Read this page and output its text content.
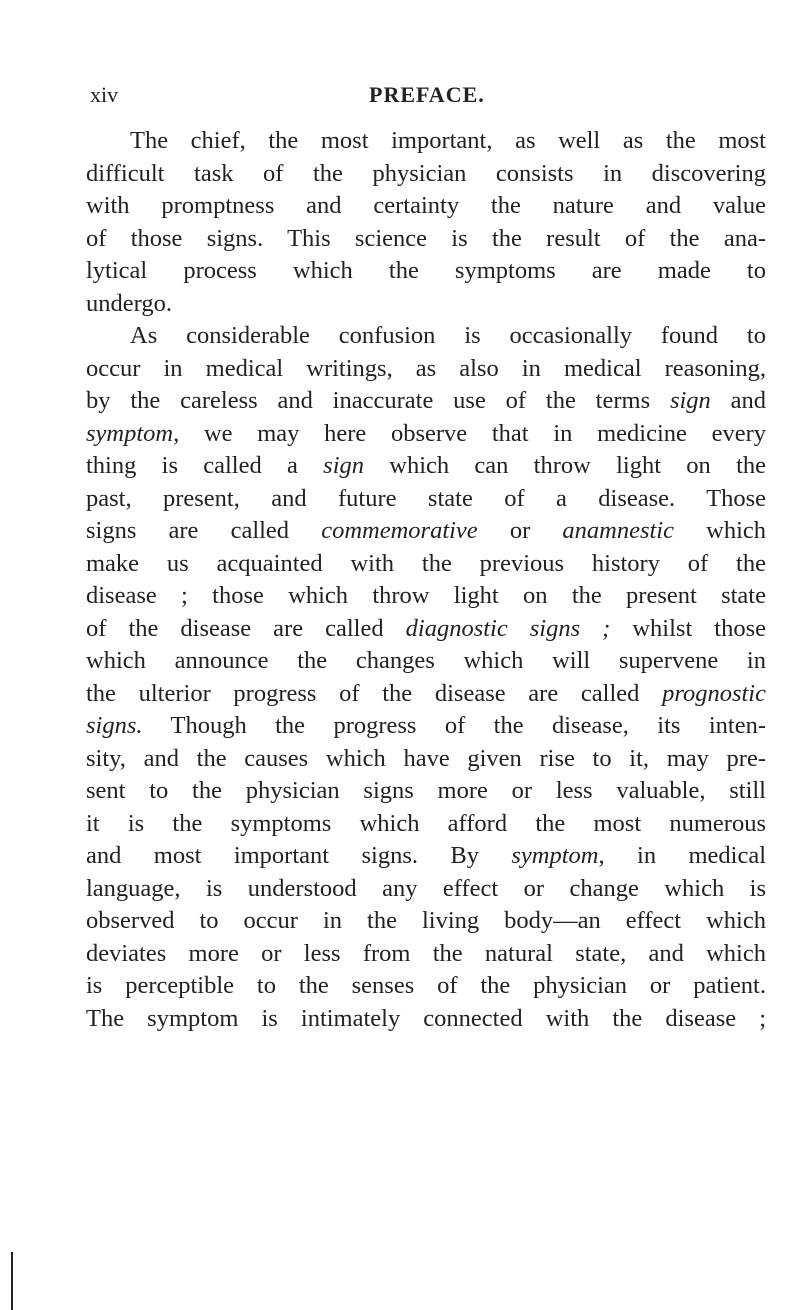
xiv	PREFACE.
The chief, the most important, as well as the most
difficult task of the physician consists in discovering
with promptness and certainty the nature and value
of those signs. This science is the result of the ana-
lytical process which the symptoms are made to
undergo.
As considerable confusion is occasionally found to
occur in medical writings, as also in medical reasoning,
by the careless and inaccurate use of the terms sign and
symptom, we may here observe that in medicine every
thing is called a sign which can throw light on the
past, present, and future state of a disease. Those
signs are called commemorative or anamnestic which
make us acquainted with the previous history of the
disease ; those which throw light on the present state
of the disease are called diagnostic signs ; whilst those
which announce the changes which will supervene in
the ulterior progress of the disease are called prognostic
signs. Though the progress of the disease, its inten-
sity, and the causes which have given rise to it, may pre-
sent to the physician signs more or less valuable, still
it is the symptoms which afford the most numerous
and most important signs. By symptom, in medical
language, is understood any effect or change which is
observed to occur in the living body—an effect which
deviates more or less from the natural state, and which
is perceptible to the senses of the physician or patient.
The symptom is intimately connected with the disease ;
